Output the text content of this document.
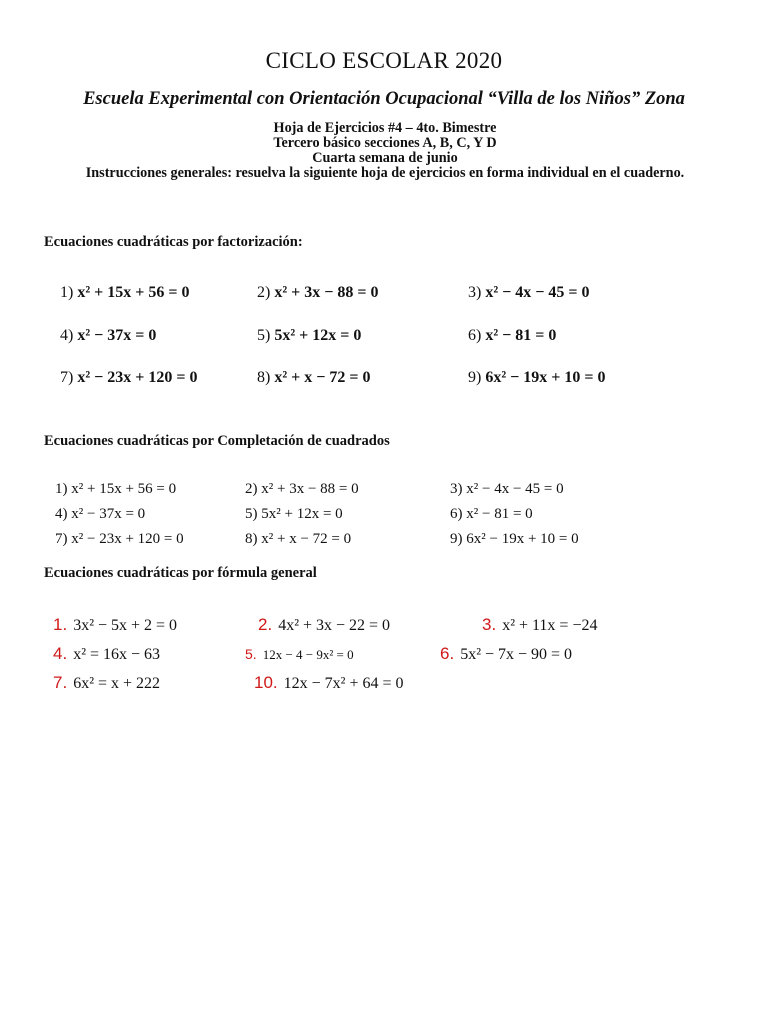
CICLO ESCOLAR 2020
Escuela Experimental con Orientación Ocupacional “Villa de los Niños” Zona
Hoja de Ejercicios #4 – 4to. Bimestre
Tercero básico secciones A, B, C, Y D
Cuarta semana de junio
Instrucciones generales: resuelva la siguiente hoja de ejercicios en forma individual en el cuaderno.
Ecuaciones cuadráticas por factorización:
1) x² + 15x + 56 = 0	2) x² + 3x − 88 = 0	3) x² − 4x − 45 = 0
4) x² − 37x = 0	5) 5x² + 12x = 0	6) x² − 81 = 0
7) x² − 23x + 120 = 0	8) x² + x − 72 = 0	9) 6x² − 19x + 10 = 0
Ecuaciones cuadráticas por Completación de cuadrados
1) x² + 15x + 56 = 0	2) x² + 3x − 88 = 0	3) x² − 4x − 45 = 0
4) x² − 37x = 0	5) 5x² + 12x = 0	6) x² − 81 = 0
7) x² − 23x + 120 = 0	8) x² + x − 72 = 0	9) 6x² − 19x + 10 = 0
Ecuaciones cuadráticas por fórmula general
1. 3x² − 5x + 2 = 0	2. 4x² + 3x − 22 = 0	3. x² + 11x = −24
4. x² = 16x − 63	5. 12x − 4 − 9x² = 0	6. 5x² − 7x − 90 = 0
7. 6x² = x + 222	10. 12x − 7x² + 64 = 0
